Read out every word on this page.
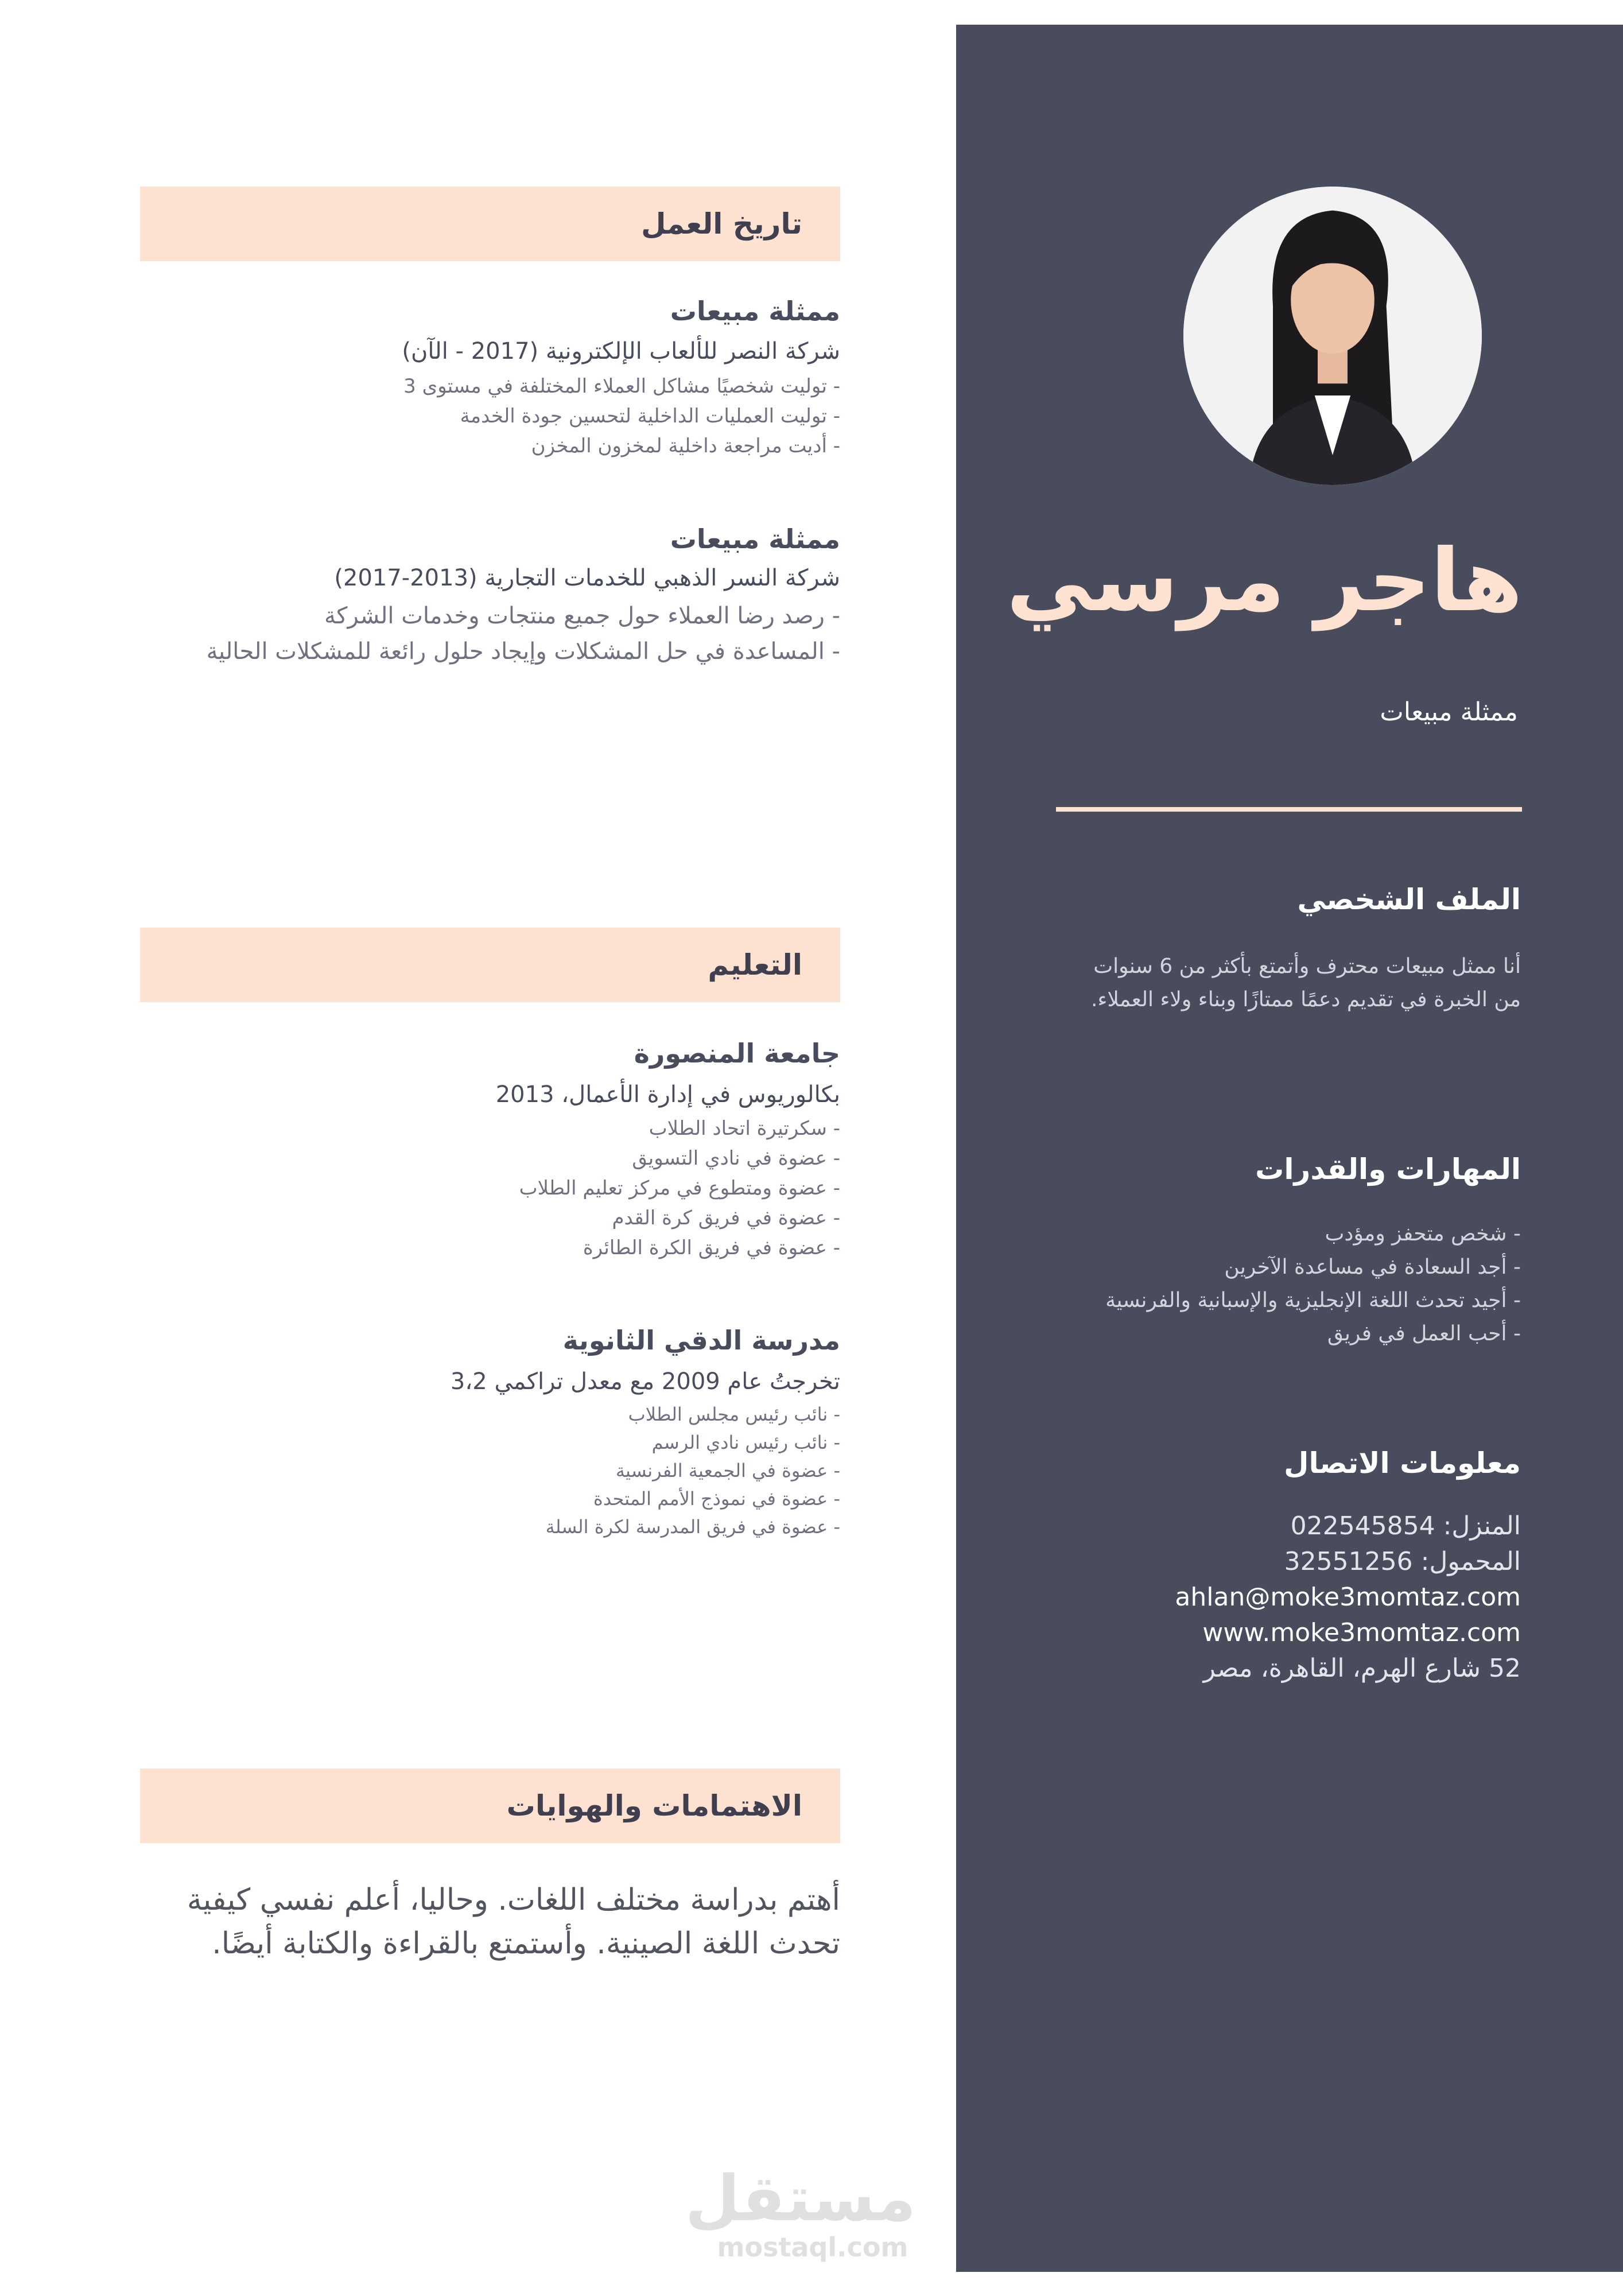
هاجر مرسي
ممثلة مبيعات
الملف الشخصي
أنا ممثل مبيعات محترف وأتمتع بأكثر من 6 سنوات
من الخبرة في تقديم دعمًا ممتازًا وبناء ولاء العملاء.
المهارات والقدرات
- شخص متحفز ومؤدب
- أجد السعادة في مساعدة الآخرين
- أجيد تحدث اللغة الإنجليزية والإسبانية والفرنسية
- أحب العمل في فريق
معلومات الاتصال
المنزل: 022545854
المحمول: 32551256
ahlan@moke3momtaz.com
www.moke3momtaz.com
52 شارع الهرم، القاهرة، مصر
تاريخ العمل
ممثلة مبيعات
شركة النصر للألعاب الإلكترونية (2017 - الآن)
- توليت شخصيًا مشاكل العملاء المختلفة في مستوى 3
- توليت العمليات الداخلية لتحسين جودة الخدمة
- أديت مراجعة داخلية لمخزون المخزن
ممثلة مبيعات
شركة النسر الذهبي للخدمات التجارية (2013-2017)
- رصد رضا العملاء حول جميع منتجات وخدمات الشركة
- المساعدة في حل المشكلات وإيجاد حلول رائعة للمشكلات الحالية
التعليم
جامعة المنصورة
بكالوريوس في إدارة الأعمال، 2013
- سكرتيرة اتحاد الطلاب
- عضوة في نادي التسويق
- عضوة ومتطوع في مركز تعليم الطلاب
- عضوة في فريق كرة القدم
- عضوة في فريق الكرة الطائرة
مدرسة الدقي الثانوية
تخرجتُ عام 2009 مع معدل تراكمي 3،2
- نائب رئيس مجلس الطلاب
- نائب رئيس نادي الرسم
- عضوة في الجمعية الفرنسية
- عضوة في نموذج الأمم المتحدة
- عضوة في فريق المدرسة لكرة السلة
الاهتمامات والهوايات
أهتم بدراسة مختلف اللغات. وحاليا، أعلم نفسي كيفية
تحدث اللغة الصينية. وأستمتع بالقراءة والكتابة أيضًا.
مستقل
mostaql.com
